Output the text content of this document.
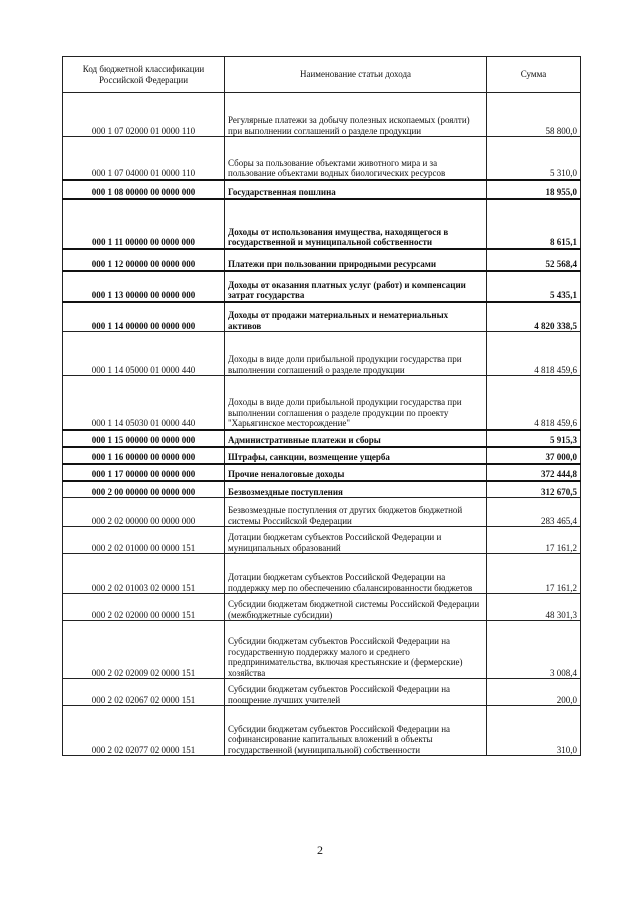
Код бюджетной классификации Российской Федерации	Наименование статьи дохода	Сумма
000 1 07 02000 01 0000 110	Регулярные платежи за добычу полезных ископаемых (роялти) при выполнении соглашений о разделе продукции	58 800,0
000 1 07 04000 01 0000 110	Сборы за пользование объектами животного мира и за пользование объектами водных биологических ресурсов	5 310,0
000 1 08 00000 00 0000 000	Государственная пошлина	18 955,0
000 1 11 00000 00 0000 000	Доходы от использования имущества, находящегося в государственной и муниципальной собственности	8 615,1
000 1 12 00000 00 0000 000	Платежи при пользовании природными ресурсами	52 568,4
000 1 13 00000 00 0000 000	Доходы от оказания платных услуг (работ) и компенсации затрат государства	5 435,1
000 1 14 00000 00 0000 000	Доходы от продажи материальных и нематериальных активов	4 820 338,5
000 1 14 05000 01 0000 440	Доходы в виде доли прибыльной продукции государства при выполнении соглашений о разделе продукции	4 818 459,6
000 1 14 05030 01 0000 440	Доходы в виде доли прибыльной продукции государства при выполнении соглашения о разделе продукции по проекту "Харьягинское месторождение"	4 818 459,6
000 1 15 00000 00 0000 000	Административные платежи и сборы	5 915,3
000 1 16 00000 00 0000 000	Штрафы, санкции, возмещение ущерба	37 000,0
000 1 17 00000 00 0000 000	Прочие неналоговые доходы	372 444,8
000 2 00 00000 00 0000 000	Безвозмездные поступления	312 670,5
000 2 02 00000 00 0000 000	Безвозмездные поступления от других бюджетов бюджетной системы Российской Федерации	283 465,4
000 2 02 01000 00 0000 151	Дотации бюджетам субъектов Российской Федерации и муниципальных образований	17 161,2
000 2 02 01003 02 0000 151	Дотации бюджетам субъектов Российской Федерации на поддержку мер по обеспечению сбалансированности бюджетов	17 161,2
000 2 02 02000 00 0000 151	Субсидии бюджетам бюджетной системы Российской Федерации (межбюджетные субсидии)	48 301,3
000 2 02 02009 02 0000 151	Субсидии бюджетам субъектов Российской Федерации на государственную поддержку малого и среднего предпринимательства, включая крестьянские и (фермерские) хозяйства	3 008,4
000 2 02 02067 02 0000 151	Субсидии бюджетам субъектов Российской Федерации на поощрение лучших учителей	200,0
000 2 02 02077 02 0000 151	Субсидии бюджетам субъектов Российской Федерации на софинансирование капитальных вложений в объекты государственной (муниципальной) собственности	310,0
2
